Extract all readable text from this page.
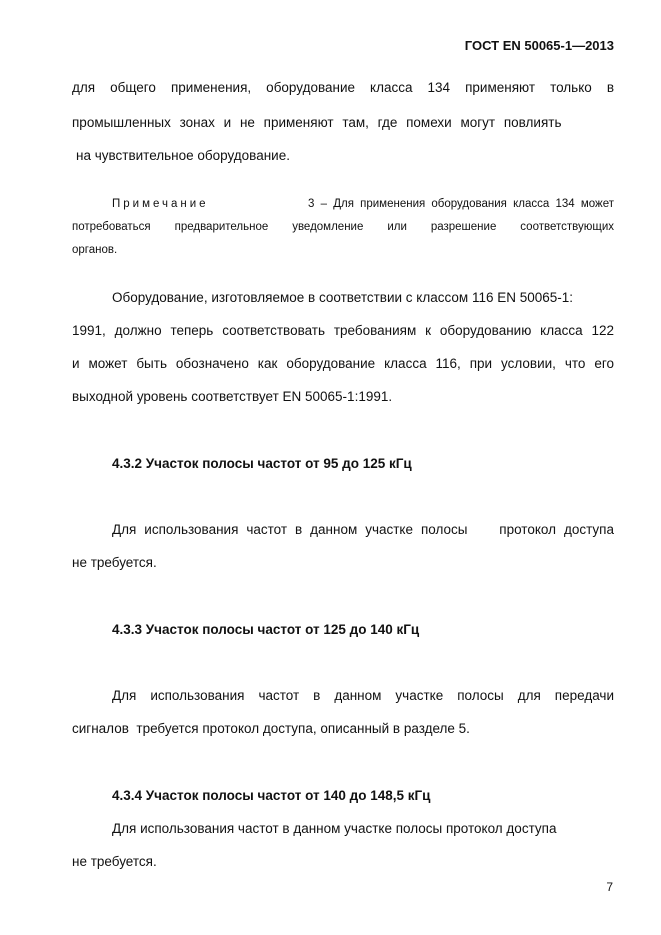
ГОСТ EN 50065-1—2013
для общего применения, оборудование класса 134 применяют только в
промышленных зонах и не применяют там, где помехи могут повлиять
на чувствительное оборудование.
Примечание	3 – Для применения оборудования класса 134 может
потребоваться предварительное уведомление или разрешение соответствующих
органов.
Оборудование, изготовляемое в соответствии с классом 116 EN 50065-1:
1991, должно теперь соответствовать требованиям к оборудованию класса 122
и может быть обозначено как оборудование класса 116, при условии, что его
выходной уровень соответствует EN 50065-1:1991.
4.3.2 Участок полосы частот от 95 до 125 кГц
Для использования частот в данном участке полосы    протокол доступа
не требуется.
4.3.3 Участок полосы частот от 125 до 140 кГц
Для использования частот в данном участке полосы для передачи
сигналов  требуется протокол доступа, описанный в разделе 5.
4.3.4 Участок полосы частот от 140 до 148,5 кГц
Для использования частот в данном участке полосы протокол доступа
не требуется.
7
